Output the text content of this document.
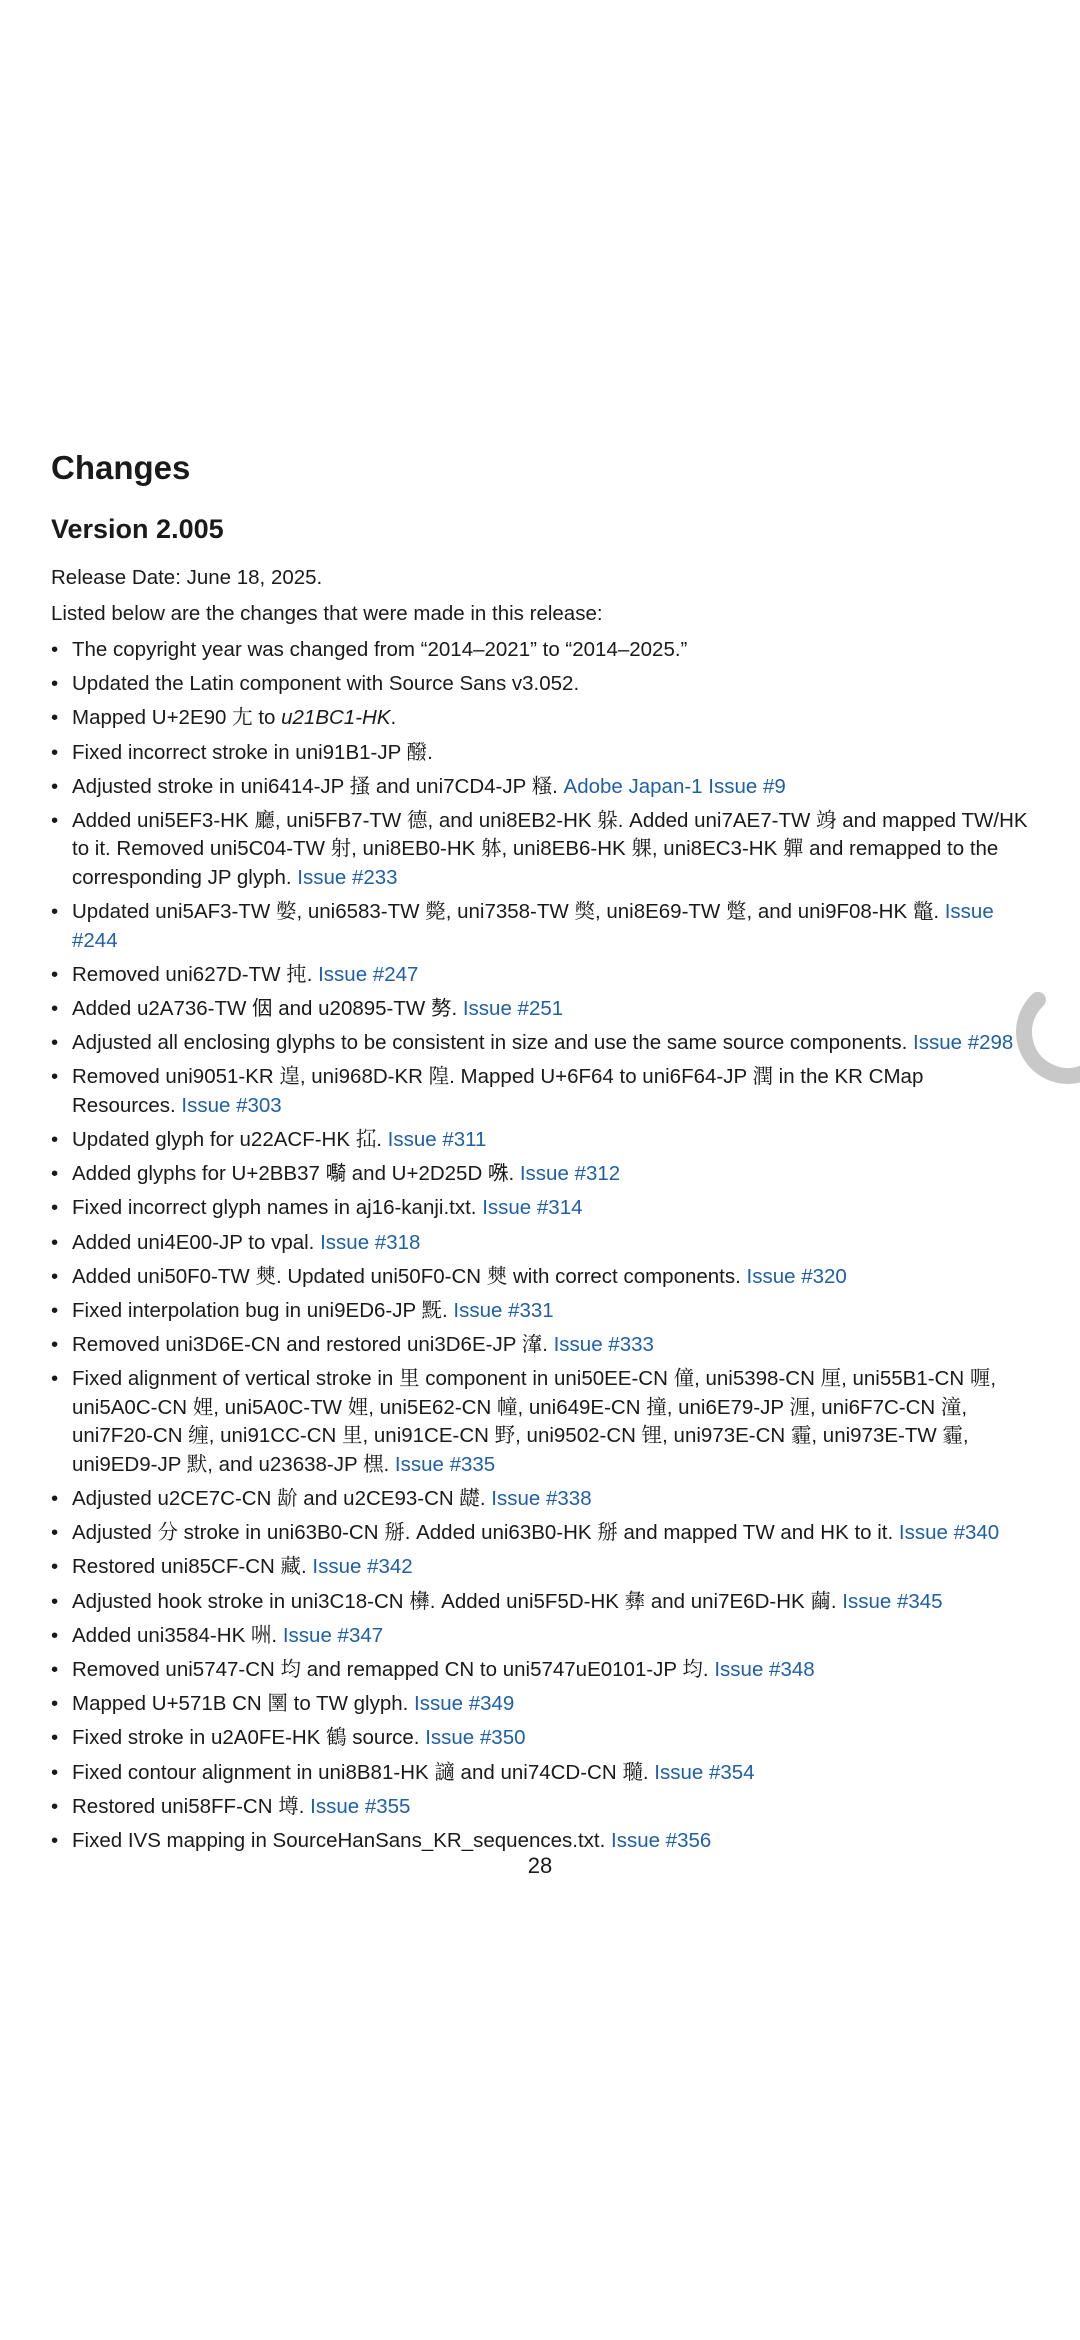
Changes
Version 2.005

Release Date: June 18, 2025.

Listed below are the changes that were made in this release:

• The copyright year was changed from “2014–2021” to “2014–2025.”
• Updated the Latin component with Source Sans v3.052.
• Mapped U+2E90 ⺐ to u21BC1-HK.
• Fixed incorrect stroke in uni91B1-JP 醱.
• Adjusted stroke in uni6414-JP 搔 and uni7CD4-JP 糔. Adobe Japan-1 Issue #9
• Added uni5EF3-HK 廳, uni5FB7-TW 德, and uni8EB2-HK 躲. Added uni7AE7-TW 竧 and mapped TW/HK to it. Removed uni5C04-TW 射, uni8EB0-HK 躰, uni8EB6-HK 躶, uni8EC3-HK 軃 and remapped to the corresponding JP glyph. Issue #233
• Updated uni5AF3-TW 嫳, uni6583-TW 斃, uni7358-TW 獘, uni8E69-TW 蹩, and uni9F08-HK 鼈. Issue #244
• Removed uni627D-TW 扽. Issue #247
• Added u2A736-TW 𪜶 and u20895-TW 𠢕. Issue #251
• Adjusted all enclosing glyphs to be consistent in size and use the same source components. Issue #298
• Removed uni9051-KR 遑, uni968D-KR 隍. Mapped U+6F64 to uni6F64-JP 潤 in the KR CMap Resources. Issue #303
• Updated glyph for u22ACF-HK 𢫏. Issue #311
• Added glyphs for U+2BB37 𫬷 and U+2D25D 𭉝. Issue #312
• Fixed incorrect glyph names in aj16-kanji.txt. Issue #314
• Added uni4E00-JP to vpal. Issue #318
• Added uni50F0-TW 僰. Updated uni50F0-CN 僰 with correct components. Issue #320
• Fixed interpolation bug in uni9ED6-JP 黖. Issue #331
• Removed uni3D6E-CN and restored uni3D6E-JP 㵮. Issue #333
• Fixed alignment of vertical stroke in 里 component in uni50EE-CN 僮, uni5398-CN 厘, uni55B1-CN 喱, uni5A0C-CN 娌, uni5A0C-TW 娌, uni5E62-CN 幢, uni649E-CN 撞, uni6E79-JP 湹, uni6F7C-CN 潼, uni7F20-CN 缠, uni91CC-CN 里, uni91CE-CN 野, uni9502-CN 锂, uni973E-CN 霾, uni973E-TW 霾, uni9ED9-JP 默, and u23638-JP 𣘸. Issue #335
• Adjusted u2CE7C-CN 𬹼 and u2CE93-CN 𬺓. Issue #338
• Adjusted 分 stroke in uni63B0-CN 掰. Added uni63B0-HK 掰 and mapped TW and HK to it. Issue #340
• Restored uni85CF-CN 藏. Issue #342
• Adjusted hook stroke in uni3C18-CN 㰘. Added uni5F5D-HK 彝 and uni7E6D-HK 繭. Issue #345
• Added uni3584-HK 㖄. Issue #347
• Removed uni5747-CN 均 and remapped CN to uni5747uE0101-JP 均. Issue #348
• Mapped U+571B CN 圛 to TW glyph. Issue #349
• Fixed stroke in u2A0FE-HK 鶴 source. Issue #350
• Fixed contour alignment in uni8B81-HK 讁 and uni74CD-CN 瓍. Issue #354
• Restored uni58FF-CN 壿. Issue #355
• Fixed IVS mapping in SourceHanSans_KR_sequences.txt. Issue #356
28
